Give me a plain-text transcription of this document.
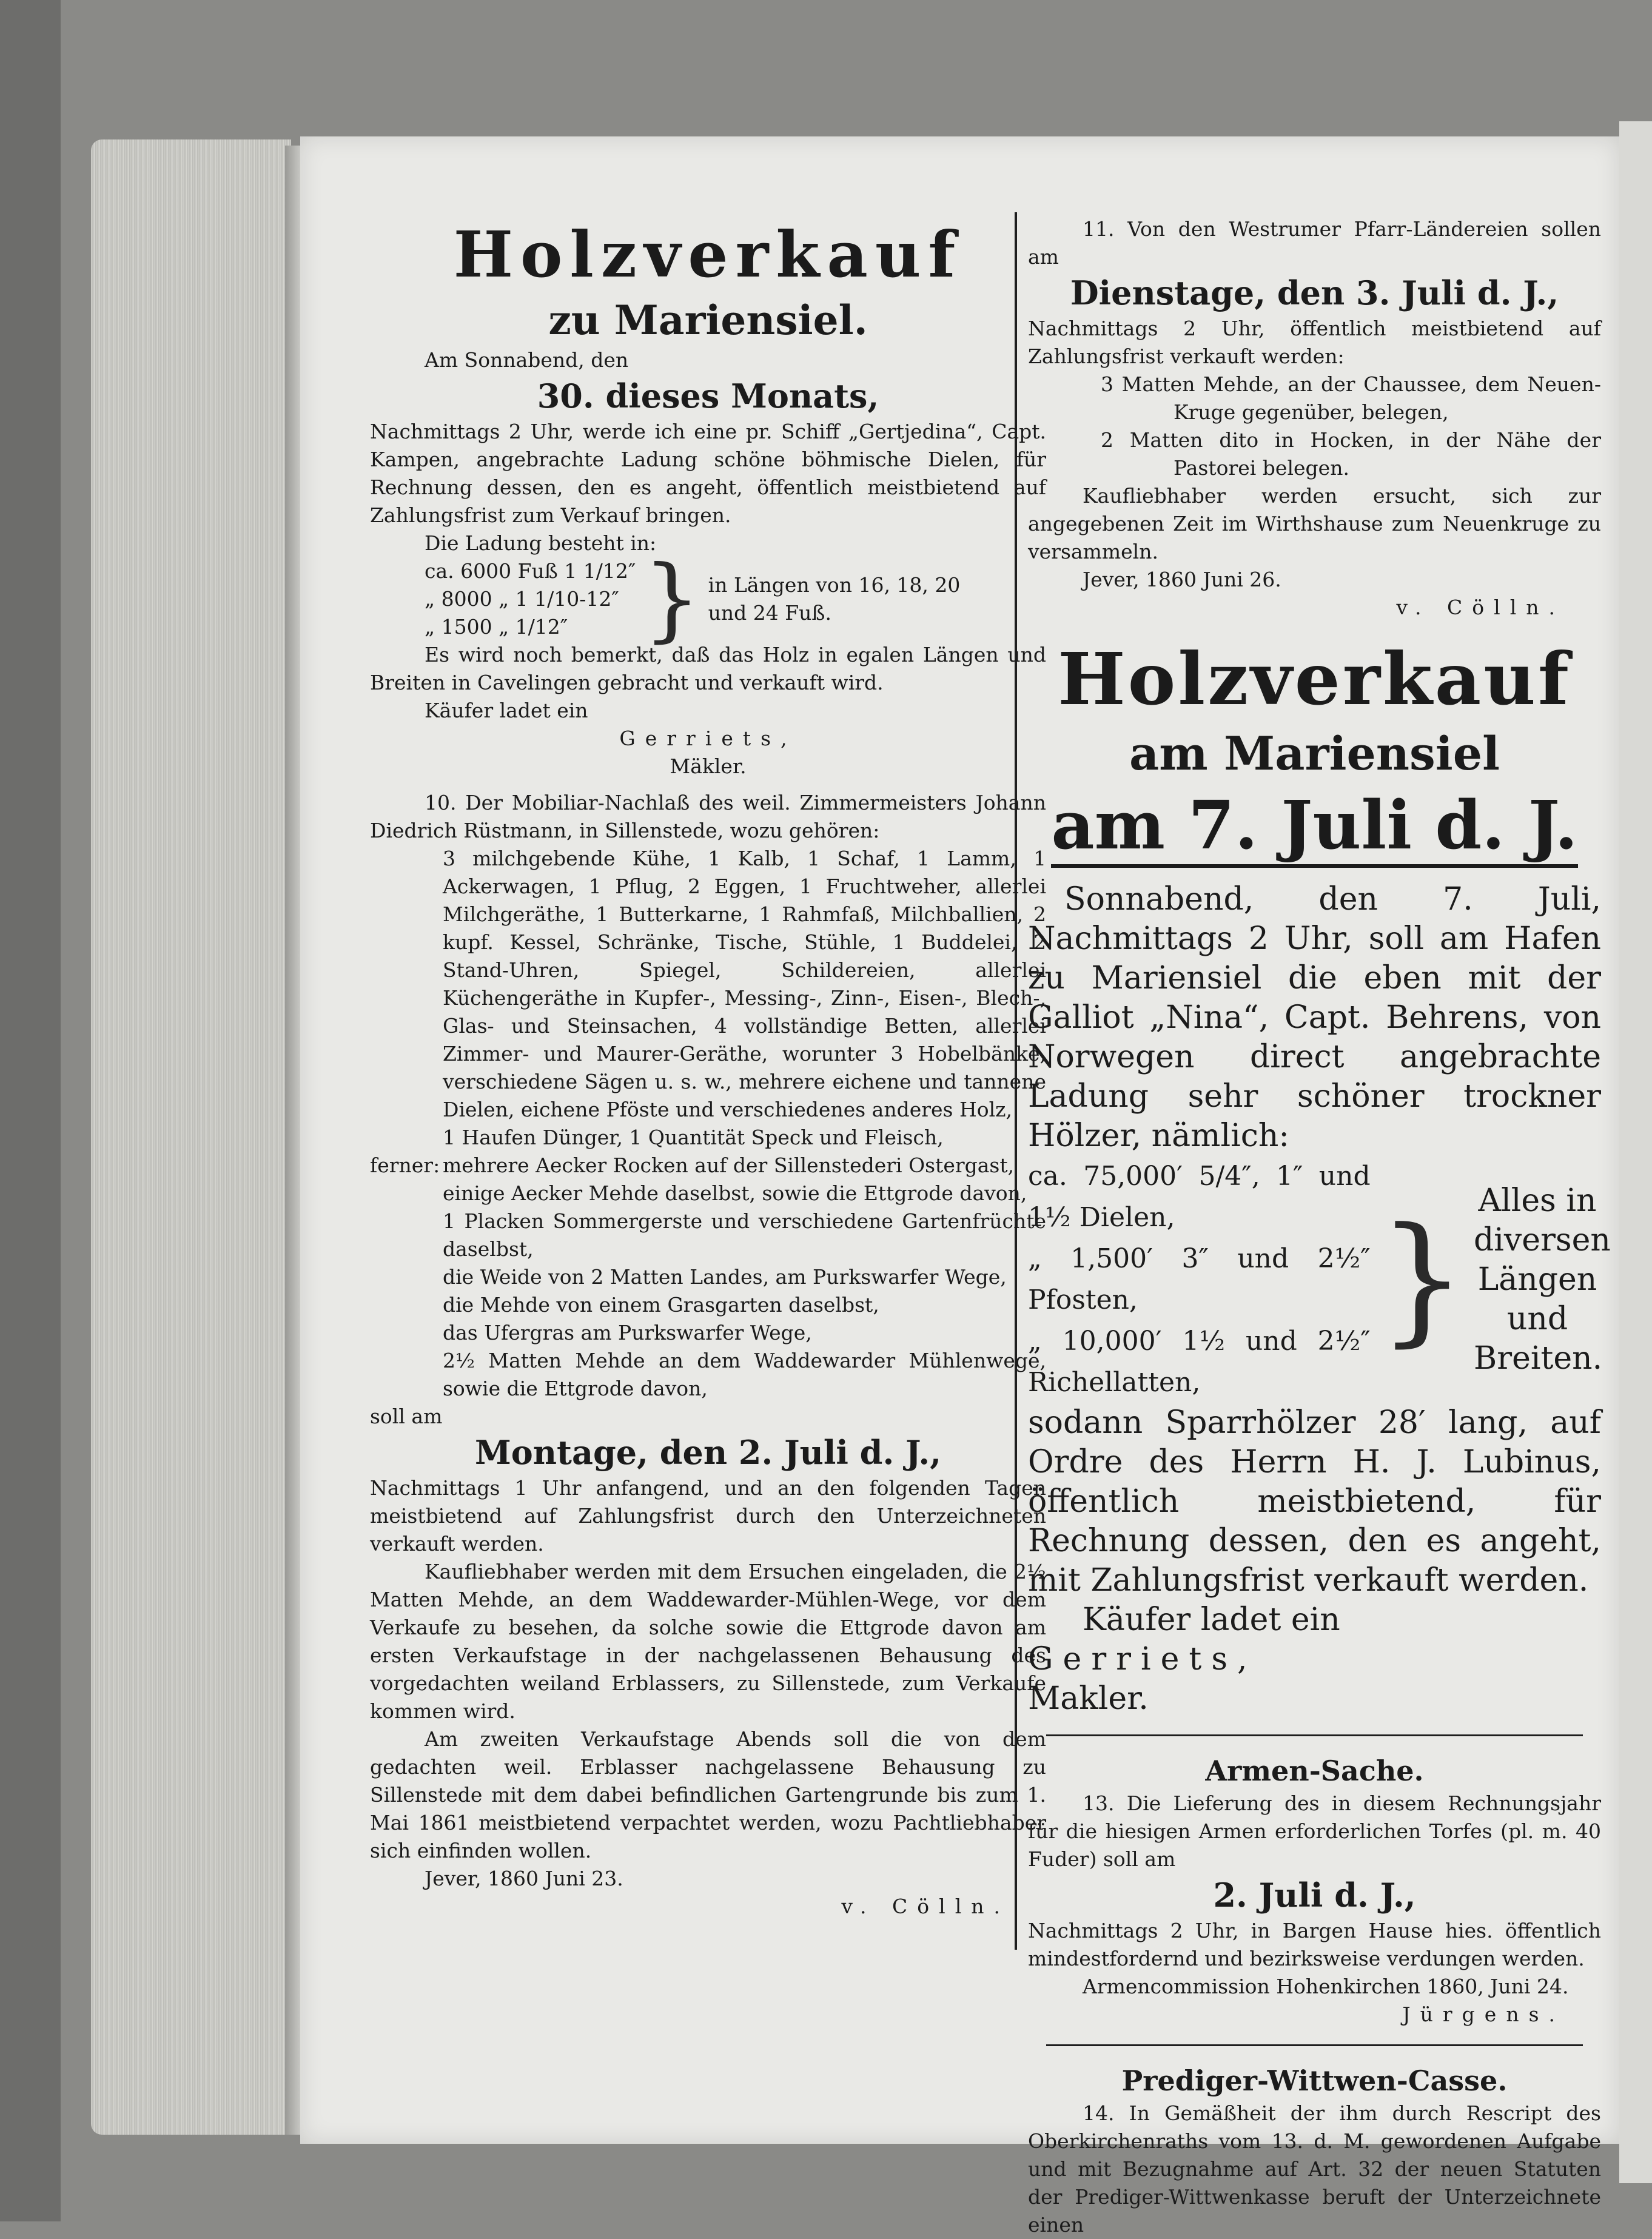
Holzverkauf

zu Mariensiel.

Am Sonnabend, den

30. dieses Monats,

Nachmittags 2 Uhr, werde ich eine pr. Schiff „Gertjedina“, Capt. Kampen, angebrachte Ladung schöne böhmische Dielen, für Rechnung dessen, den es angeht, öffentlich meistbietend auf Zahlungsfrist zum Verkauf bringen.

Die Ladung besteht in:

ca. 6000 Fuß 1 1/12″

„ 8000 „ 1 1/10-12″

„ 1500 „ 1/12″ } in Längen von 16, 18, 20 und 24 Fuß.

Es wird noch bemerkt, daß das Holz in egalen Längen und Breiten in Cavelingen gebracht und verkauft wird.

Käufer ladet ein

Gerriets,

Mäkler.

10. Der Mobiliar-Nachlaß des weil. Zimmermeisters Johann Diedrich Rüstmann, in Sillenstede, wozu gehören:

3 milchgebende Kühe, 1 Kalb, 1 Schaf, 1 Lamm, 1 Ackerwagen, 1 Pflug, 2 Eggen, 1 Fruchtweher, allerlei Milchgeräthe, 1 Butterkarne, 1 Rahmfaß, Milchballien, 2 kupf. Kessel, Schränke, Tische, Stühle, 1 Buddelei, 2 Stand-Uhren, Spiegel, Schildereien, allerlei Küchengeräthe in Kupfer-, Messing-, Zinn-, Eisen-, Blech-, Glas- und Steinsachen, 4 vollständige Betten, allerlei Zimmer- und Maurer-Geräthe, worunter 3 Hobelbänke, verschiedene Sägen u. s. w., mehrere eichene und tannene Dielen, eichene Pföste und verschiedenes anderes Holz,

1 Haufen Dünger, 1 Quantität Speck und Fleisch,

ferner: mehrere Aecker Rocken auf der Sillenstederi Ostergast,

einige Aecker Mehde daselbst, sowie die Ettgrode davon,

1 Placken Sommergerste und verschiedene Gartenfrüchte daselbst,

die Weide von 2 Matten Landes, am Purkswarfer Wege,

die Mehde von einem Grasgarten daselbst,

das Ufergras am Purkswarfer Wege,

2½ Matten Mehde an dem Waddewarder Mühlenwege, sowie die Ettgrode davon,

soll am

Montage, den 2. Juli d. J.,

Nachmittags 1 Uhr anfangend, und an den folgenden Tagen meistbietend auf Zahlungsfrist durch den Unterzeichneten verkauft werden.

Kaufliebhaber werden mit dem Ersuchen eingeladen, die 2½ Matten Mehde, an dem Waddewarder-Mühlen-Wege, vor dem Verkaufe zu besehen, da solche sowie die Ettgrode davon am ersten Verkaufstage in der nachgelassenen Behausung des vorgedachten weiland Erblassers, zu Sillenstede, zum Verkaufe kommen wird.

Am zweiten Verkaufstage Abends soll die von dem gedachten weil. Erblasser nachgelassene Behausung zu Sillenstede mit dem dabei befindlichen Gartengrunde bis zum 1. Mai 1861 meistbietend verpachtet werden, wozu Pachtliebhaber sich einfinden wollen.

Jever, 1860 Juni 23.

v. Cölln.

11. Von den Westrumer Pfarr-Ländereien sollen am

Dienstage, den 3. Juli d. J.,

Nachmittags 2 Uhr, öffentlich meistbietend auf Zahlungsfrist verkauft werden:

3 Matten Mehde, an der Chaussee, dem Neuen-Kruge gegenüber, belegen,

2 Matten dito in Hocken, in der Nähe der Pastorei belegen.

Kaufliebhaber werden ersucht, sich zur angegebenen Zeit im Wirthshause zum Neuenkruge zu versammeln.

Jever, 1860 Juni 26.

v. Cölln.

Holzverkauf

am Mariensiel

am 7. Juli d. J.

Sonnabend, den 7. Juli, Nachmittags 2 Uhr, soll am Hafen zu Mariensiel die eben mit der Galliot „Nina“, Capt. Behrens, von Norwegen direct angebrachte Ladung sehr schöner trockner Hölzer, nämlich:

ca. 75,000′ 5/4″, 1″ und 1½ Dielen,

„ 1,500′ 3″ und 2½″ Pfosten,

„ 10,000′ 1½ und 2½″ Richellatten,

} Alles in diversen Längen und Breiten.

sodann Sparrhölzer 28′ lang, auf Ordre des Herrn H. J. Lubinus, öffentlich meistbietend, für Rechnung dessen, den es angeht, mit Zahlungsfrist verkauft werden.

Käufer ladet ein

Gerriets,

Makler.

Armen-Sache.

13. Die Lieferung des in diesem Rechnungsjahr für die hiesigen Armen erforderlichen Torfes (pl. m. 40 Fuder) soll am

2. Juli d. J.,

Nachmittags 2 Uhr, in Bargen Hause hies. öffentlich mindestfordernd und bezirksweise verdungen werden.

Armencommission Hohenkirchen 1860, Juni 24.

Jürgens.

Prediger-Wittwen-Casse.

14. In Gemäßheit der ihm durch Rescript des Oberkirchenraths vom 13. d. M. gewordenen Aufgabe und mit Bezugnahme auf Art. 32 der neuen Statuten der Prediger-Wittwenkasse beruft der Unterzeichnete einen
